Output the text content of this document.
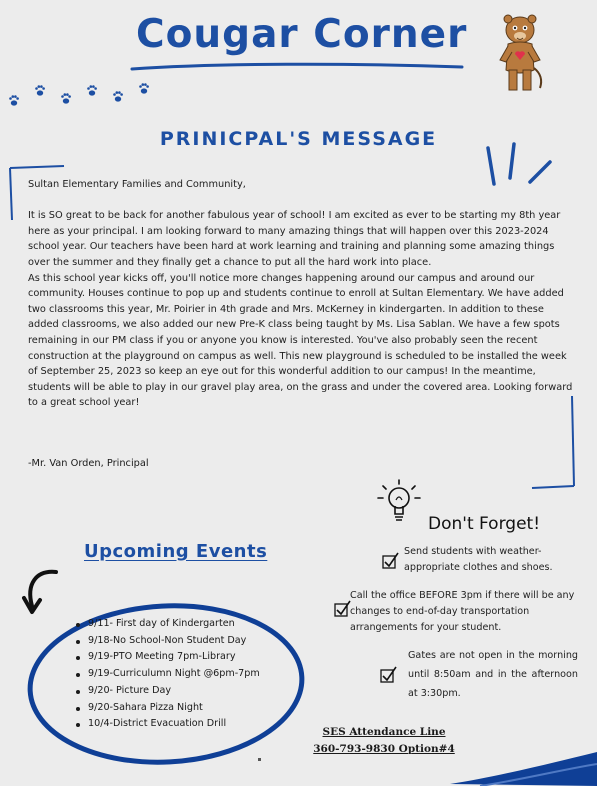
Cougar Corner
PRINICPAL'S MESSAGE

Sultan Elementary Families and Community,

It is SO great to be back for another fabulous year of school! I am excited as ever to be starting my 8th year here as your principal. I am looking forward to many amazing things that will happen over this 2023-2024 school year. Our teachers have been hard at work learning and training and planning some amazing things over the summer and they finally get a chance to put all the hard work into place.

As this school year kicks off, you'll notice more changes happening around our campus and around our community. Houses continue to pop up and students continue to enroll at Sultan Elementary. We have added two classrooms this year, Mr. Poirier in 4th grade and Mrs. McKerney in kindergarten. In addition to these added classrooms, we also added our new Pre-K class being taught by Ms. Lisa Sablan. We have a few spots remaining in our PM class if you or anyone you know is interested. You've also probably seen the recent construction at the playground on campus as well. This new playground is scheduled to be installed the week of September 25, 2023 so keep an eye out for this wonderful addition to our campus! In the meantime, students will be able to play in our gravel play area, on the grass and under the covered area. Looking forward to a great school year!

-Mr. Van Orden, Principal
Don't Forget!
Send students with weather-appropriate clothes and shoes.
Call the office BEFORE 3pm if there will be any changes to end-of-day transportation arrangements for your student.
Gates are not open in the morning until 8:50am and in the afternoon at 3:30pm.
Upcoming Events
9/11- First day of Kindergarten
9/18-No School-Non Student Day
9/19-PTO Meeting 7pm-Library
9/19-Curriculumn Night @6pm-7pm
9/20- Picture Day
9/20-Sahara Pizza Night
10/4-District Evacuation Drill
SES Attendance Line
360-793-9830 Option#4
